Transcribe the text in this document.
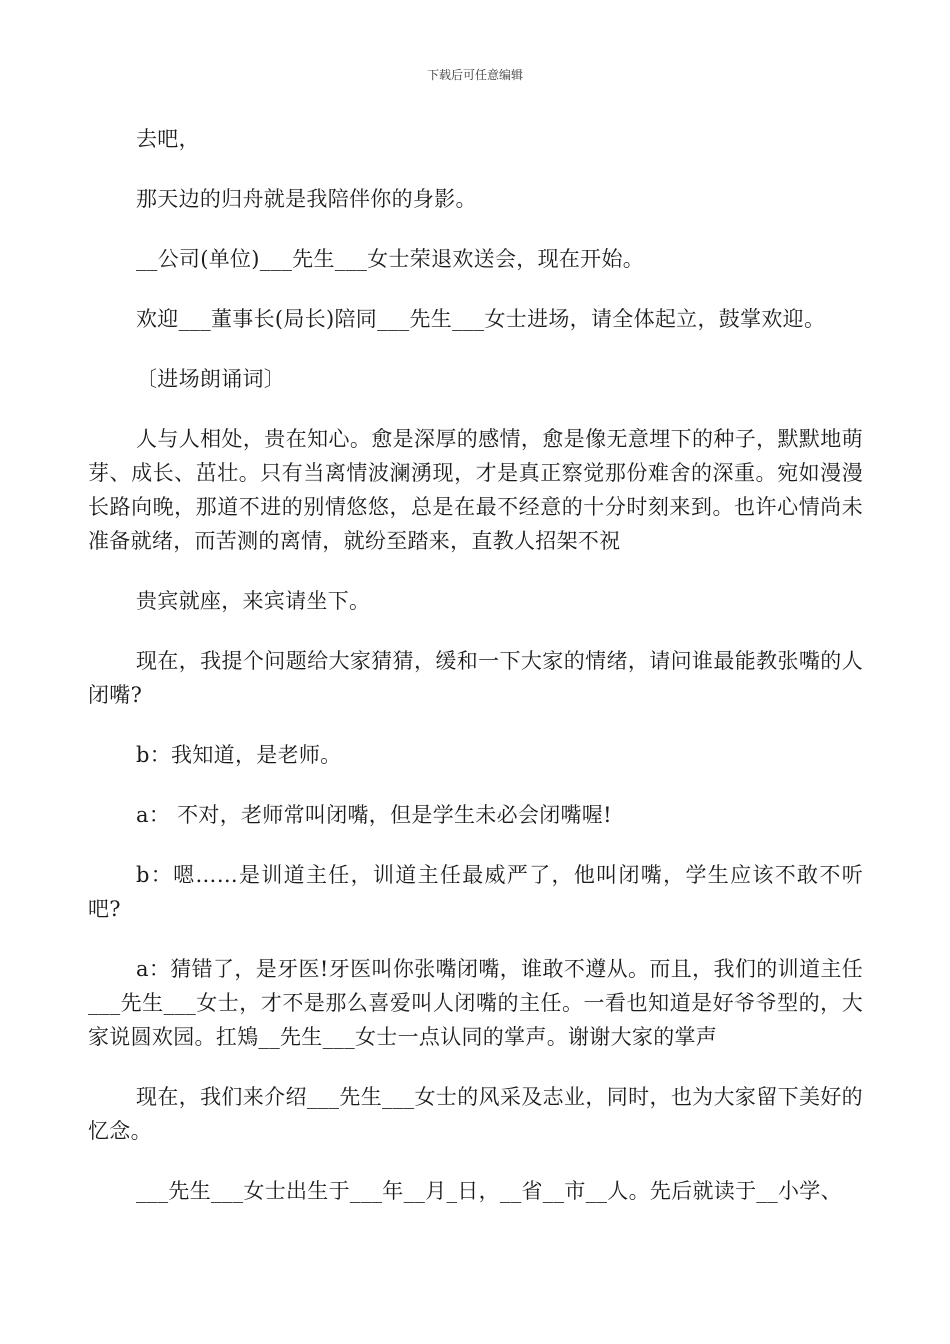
下载后可任意编辑

去吧，

那天边的归舟就是我陪伴你的身影。

__公司(单位)___先生___女士荣退欢送会，现在开始。

欢迎___董事长(局长)陪同___先生___女士进场，请全体起立，鼓掌欢迎。

〔进场朗诵词〕

人与人相处，贵在知心。愈是深厚的感情，愈是像无意埋下的种子，默默地萌芽、成长、茁壮。只有当离情波澜湧现，才是真正察觉那份难舍的深重。宛如漫漫长路向晚，那道不进的别情悠悠，总是在最不经意的十分时刻来到。也许心情尚未准备就绪，而苦测的离情，就纷至踏来，直教人招架不祝

贵宾就座，来宾请坐下。

现在，我提个问题给大家猜猜，缓和一下大家的情绪，请问谁最能教张嘴的人闭嘴?

b：我知道，是老师。

a： 不对，老师常叫闭嘴，但是学生未必会闭嘴喔!

b：嗯……是训道主任，训道主任最威严了，他叫闭嘴，学生应该不敢不听吧?

a：猜错了，是牙医!牙医叫你张嘴闭嘴，谁敢不遵从。而且，我们的训道主任___先生___女士，才不是那么喜爱叫人闭嘴的主任。一看也知道是好爷爷型的，大家说圆欢园。扛鴙__先生___女士一点认同的掌声。谢谢大家的掌声

现在，我们来介绍___先生___女士的风采及志业，同时，也为大家留下美好的忆念。

___先生___女士出生于___年__月_日，__省__市__人。先后就读于__小学、
